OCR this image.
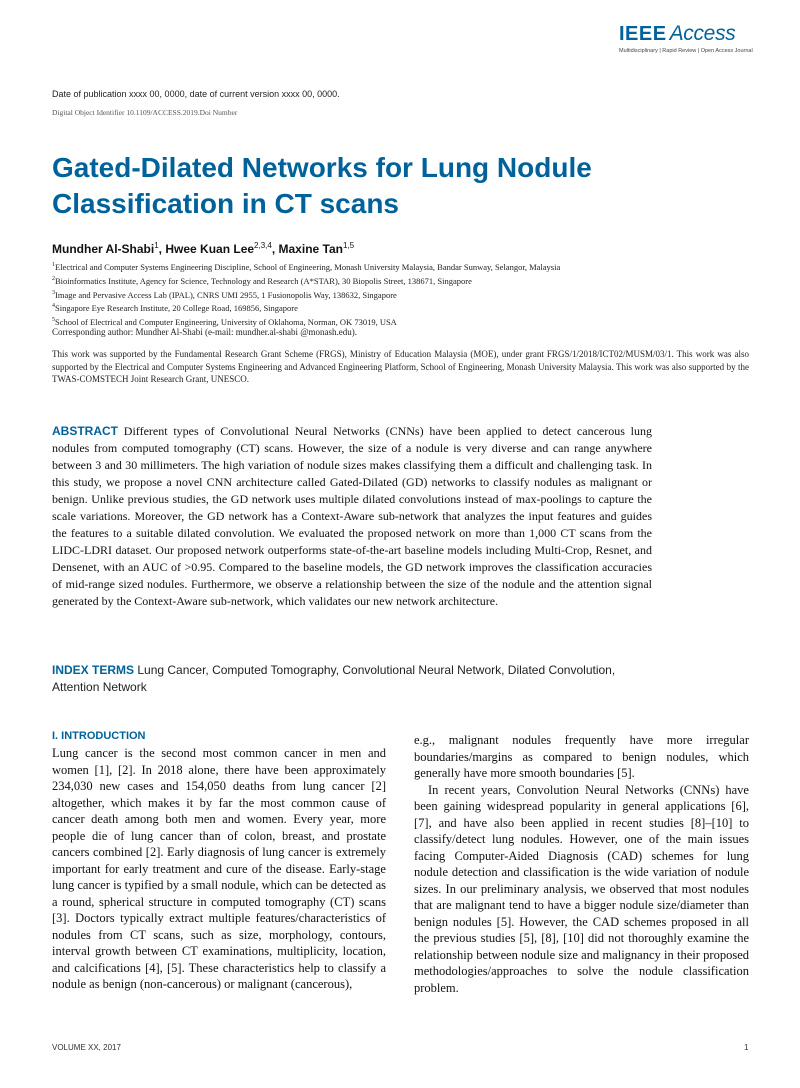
IEEE Access
Multidisciplinary | Rapid Review | Open Access Journal
Date of publication xxxx 00, 0000, date of current version xxxx 00, 0000.
Digital Object Identifier 10.1109/ACCESS.2019.Doi Number
Gated-Dilated Networks for Lung Nodule Classification in CT scans
Mundher Al-Shabi$^1$, Hwee Kuan Lee$^{2,3,4}$, Maxine Tan$^{1,5}$
$^1$Electrical and Computer Systems Engineering Discipline, School of Engineering, Monash University Malaysia, Bandar Sunway, Selangor, Malaysia
$^2$Bioinformatics Institute, Agency for Science, Technology and Research (A*STAR), 30 Biopolis Street, 138671, Singapore
$^3$Image and Pervasive Access Lab (IPAL), CNRS UMI 2955, 1 Fusionopolis Way, 138632, Singapore
$^4$Singapore Eye Research Institute, 20 College Road, 169856, Singapore
$^5$School of Electrical and Computer Engineering, University of Oklahoma, Norman, OK 73019, USA
Corresponding author: Mundher Al-Shabi (e-mail: mundher.al-shabi @monash.edu).
This work was supported by the Fundamental Research Grant Scheme (FRGS), Ministry of Education Malaysia (MOE), under grant FRGS/1/2018/ICT02/MUSM/03/1. This work was also supported by the Electrical and Computer Systems Engineering and Advanced Engineering Platform, School of Engineering, Monash University Malaysia. This work was also supported by the TWAS-COMSTECH Joint Research Grant, UNESCO.
ABSTRACT Different types of Convolutional Neural Networks (CNNs) have been applied to detect cancerous lung nodules from computed tomography (CT) scans. However, the size of a nodule is very diverse and can range anywhere between 3 and 30 millimeters. The high variation of nodule sizes makes classifying them a difficult and challenging task. In this study, we propose a novel CNN architecture called Gated-Dilated (GD) networks to classify nodules as malignant or benign. Unlike previous studies, the GD network uses multiple dilated convolutions instead of max-poolings to capture the scale variations. Moreover, the GD network has a Context-Aware sub-network that analyzes the input features and guides the features to a suitable dilated convolution. We evaluated the proposed network on more than 1,000 CT scans from the LIDC-LDRI dataset. Our proposed network outperforms state-of-the-art baseline models including Multi-Crop, Resnet, and Densenet, with an AUC of >0.95. Compared to the baseline models, the GD network improves the classification accuracies of mid-range sized nodules. Furthermore, we observe a relationship between the size of the nodule and the attention signal generated by the Context-Aware sub-network, which validates our new network architecture.
INDEX TERMS Lung Cancer, Computed Tomography, Convolutional Neural Network, Dilated Convolution, Attention Network
I. INTRODUCTION

Lung cancer is the second most common cancer in men and women [1], [2]. In 2018 alone, there have been approximately 234,030 new cases and 154,050 deaths from lung cancer [2] altogether, which makes it by far the most common cause of cancer death among both men and women. Every year, more people die of lung cancer than of colon, breast, and prostate cancers combined [2]. Early diagnosis of lung cancer is extremely important for early treatment and cure of the disease. Early-stage lung cancer is typified by a small nodule, which can be detected as a round, spherical structure in computed tomography (CT) scans [3]. Doctors typically extract multiple features/characteristics of nodules from CT scans, such as size, morphology, contours, interval growth between CT examinations, multiplicity, location, and calcifications [4], [5]. These characteristics help to classify a nodule as benign (non-cancerous) or malignant (cancerous),

e.g., malignant nodules frequently have more irregular boundaries/margins as compared to benign nodules, which generally have more smooth boundaries [5].

In recent years, Convolution Neural Networks (CNNs) have been gaining widespread popularity in general applications [6], [7], and have also been applied in recent studies [8]–[10] to classify/detect lung nodules. However, one of the main issues facing Computer-Aided Diagnosis (CAD) schemes for lung nodule detection and classification is the wide variation of nodule sizes. In our preliminary analysis, we observed that most nodules that are malignant tend to have a bigger nodule size/diameter than benign nodules [5]. However, the CAD schemes proposed in all the previous studies [5], [8], [10] did not thoroughly examine the relationship between nodule size and malignancy in their proposed methodologies/approaches to solve the nodule classification problem.

VOLUME XX, 2017	1
